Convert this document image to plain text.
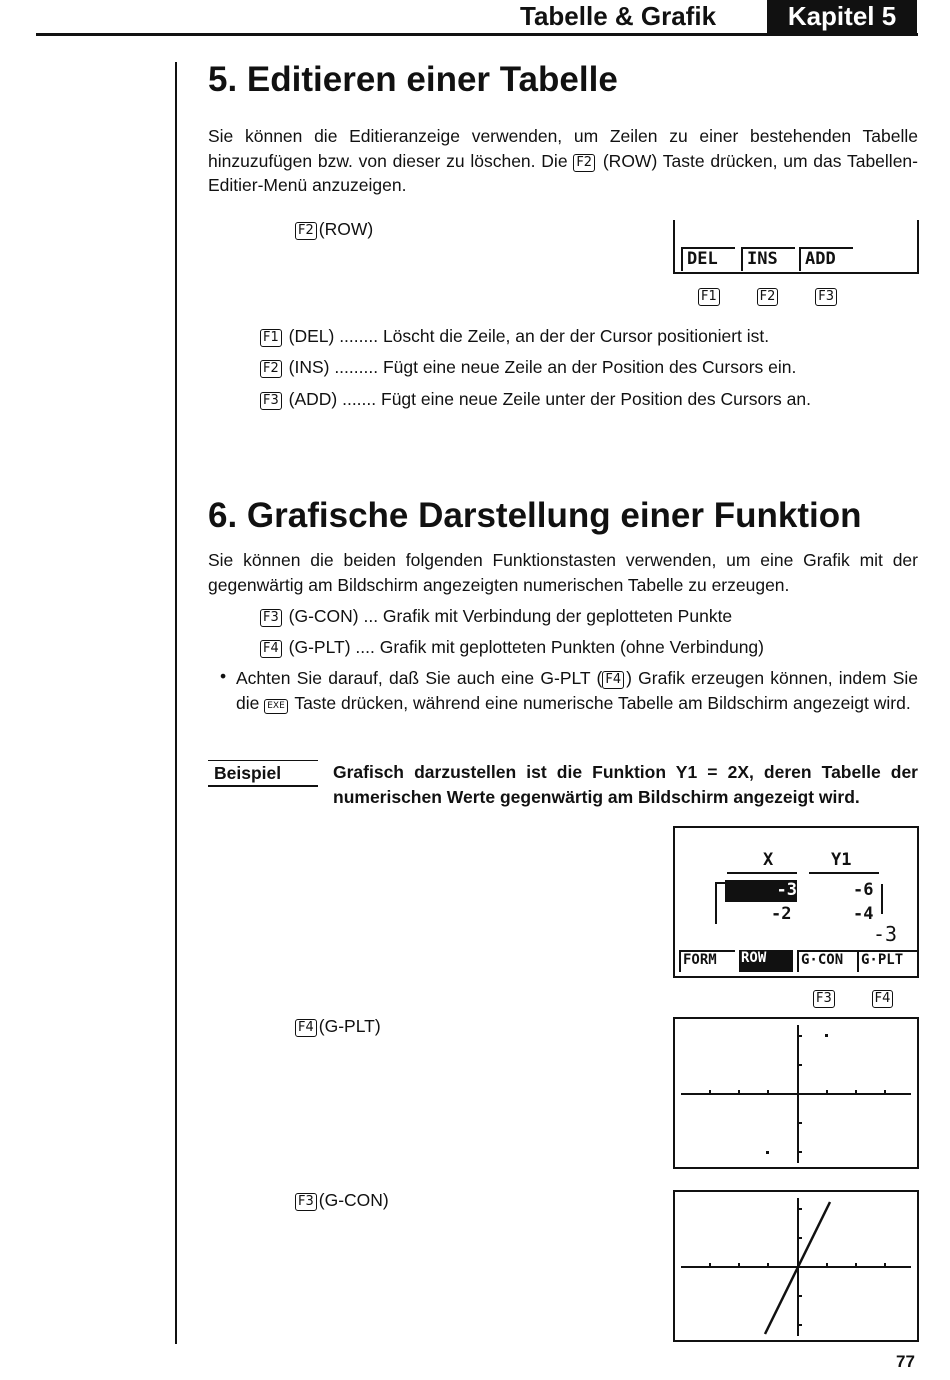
Tabelle & Grafik	Kapitel 5
5. Editieren einer Tabelle

Sie können die Editieranzeige verwenden, um Zeilen zu einer bestehenden Tabelle hinzuzufügen bzw. von dieser zu löschen. Die F2 (ROW) Taste drücken, um das Tabellen-Editier-Menü anzuzeigen.

F2 (ROW)
DEL	INS	ADD
F1	F2	F3
F1 (DEL) ........ Löscht die Zeile, an der der Cursor positioniert ist.
F2 (INS) ......... Fügt eine neue Zeile an der Position des Cursors ein.
F3 (ADD) ....... Fügt eine neue Zeile unter der Position des Cursors an.
6. Grafische Darstellung einer Funktion

Sie können die beiden folgenden Funktionstasten verwenden, um eine Grafik mit der gegenwärtig am Bildschirm angezeigten numerischen Tabelle zu erzeugen.

F3 (G-CON) ... Grafik mit Verbindung der geplotteten Punkte
F4 (G-PLT) .... Grafik mit geplotteten Punkten (ohne Verbindung)
• Achten Sie darauf, daß Sie auch eine G-PLT ( F4 ) Grafik erzeugen können, indem Sie die EXE Taste drücken, während eine numerische Tabelle am Bildschirm angezeigt wird.

Beispiel	Grafisch darzustellen ist die Funktion Y1 = 2X, deren Tabelle der numerischen Werte gegenwärtig am Bildschirm angezeigt wird.

X	Y1
-3	-6
-2	-4
-3
FORM	ROW	G·CON	G·PLT
F3	F4
F4 (G-PLT)
F3 (G-CON)
77
